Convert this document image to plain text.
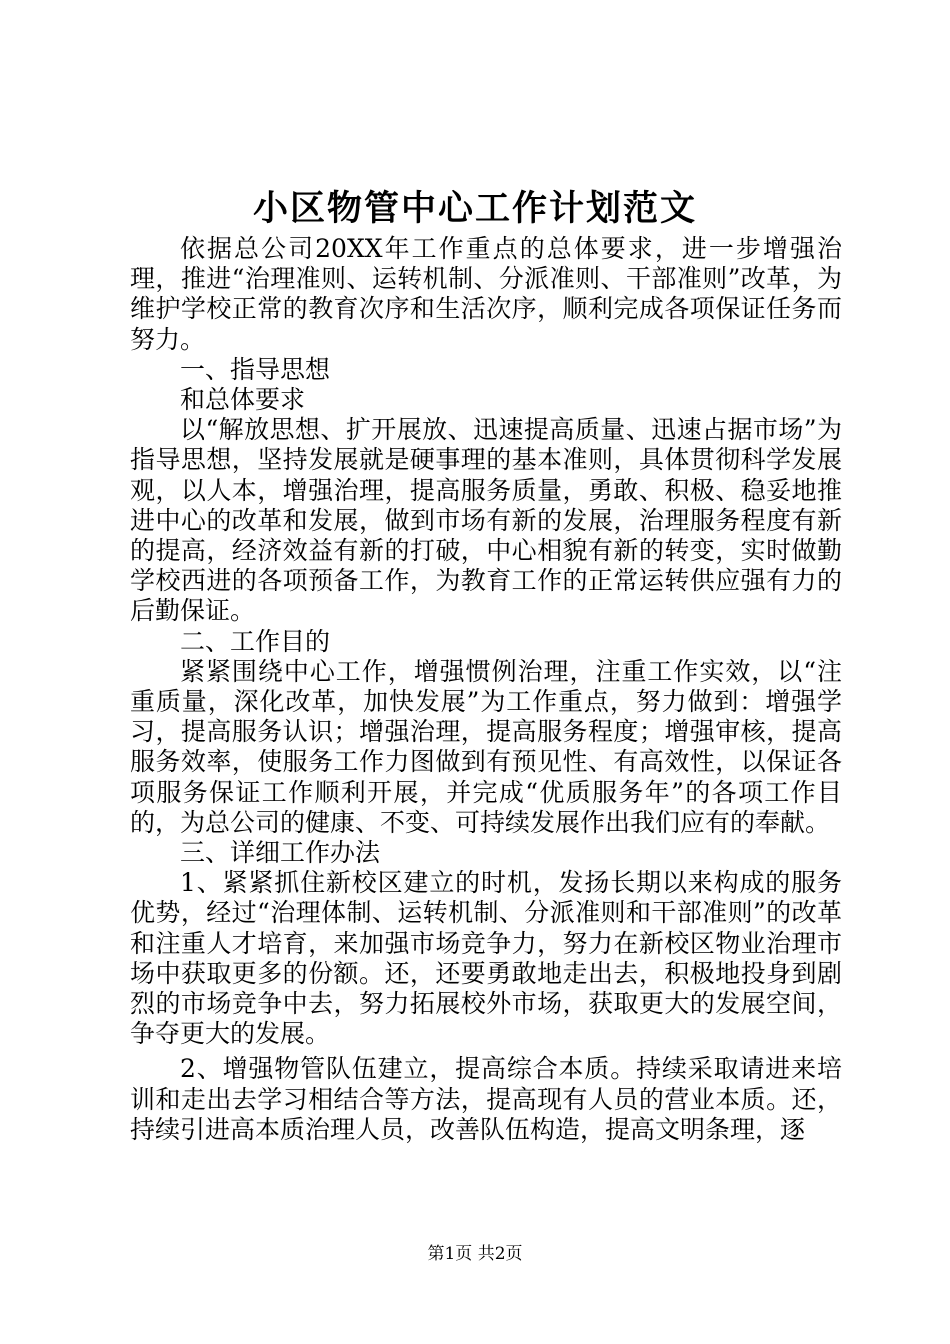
小区物管中心工作计划范文

依据总公司20XX年工作重点的总体要求，进一步增强治理，推进“治理准则、运转机制、分派准则、干部准则”改革，为维护学校正常的教育次序和生活次序，顺利完成各项保证任务而努力。

一、指导思想

和总体要求

以“解放思想、扩开展放、迅速提高质量、迅速占据市场”为指导思想，坚持发展就是硬事理的基本准则，具体贯彻科学发展观，以人本，增强治理，提高服务质量，勇敢、积极、稳妥地推进中心的改革和发展，做到市场有新的发展，治理服务程度有新的提高，经济效益有新的打破，中心相貌有新的转变，实时做勤学校西进的各项预备工作，为教育工作的正常运转供应强有力的后勤保证。

二、工作目的

紧紧围绕中心工作，增强惯例治理，注重工作实效，以“注重质量，深化改革，加快发展”为工作重点，努力做到：增强学习，提高服务认识；增强治理，提高服务程度；增强审核，提高服务效率，使服务工作力图做到有预见性、有高效性，以保证各项服务保证工作顺利开展，并完成“优质服务年”的各项工作目的，为总公司的健康、不变、可持续发展作出我们应有的奉献。

三、详细工作办法

1、紧紧抓住新校区建立的时机，发扬长期以来构成的服务优势，经过“治理体制、运转机制、分派准则和干部准则”的改革和注重人才培育，来加强市场竞争力，努力在新校区物业治理市场中获取更多的份额。还，还要勇敢地走出去，积极地投身到剧烈的市场竞争中去，努力拓展校外市场，获取更大的发展空间，争夺更大的发展。

2、增强物管队伍建立，提高综合本质。持续采取请进来培训和走出去学习相结合等方法，提高现有人员的营业本质。还，持续引进高本质治理人员，改善队伍构造，提高文明条理，逐

第1页 共2页
